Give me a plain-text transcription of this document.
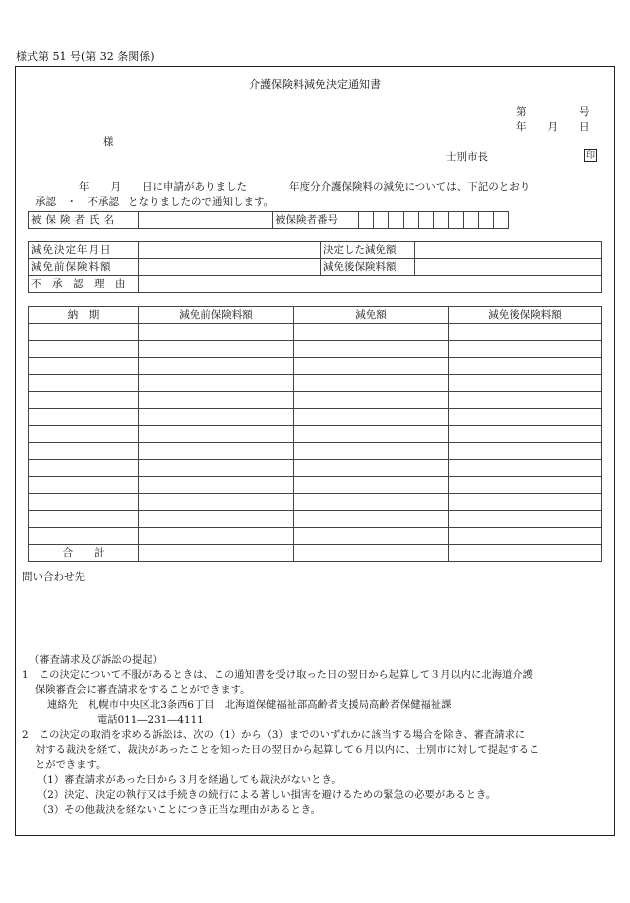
様式第 51 号(第 32 条関係)
介護保険料減免決定通知書
第　　　　　号
年　　月　　日
様
士別市長	印
年　　月　　日に申請がありました　　　　年度分介護保険料の減免については、下記のとおり
承認　・　不承認 となりましたので通知します。
被保険者氏名		被保険者番号										
減免決定年月日		決定した減免額	
減免前保険料額		減免後保険料額	
不　承　認　理　由			
納　期	減免前保険料額	減免額	減免後保険料額

合　　計			
問い合わせ先
（審査請求及び訴訟の提起）
1　この決定について不服があるときは、この通知書を受け取った日の翌日から起算して３月以内に北海道介護
保険審査会に審査請求をすることができます。
連絡先　札幌市中央区北3条西6丁目　北海道保健福祉部高齢者支援局高齢者保健福祉課
電話011―231―4111
2　この決定の取消を求める訴訟は、次の（1）から（3）までのいずれかに該当する場合を除き、審査請求に
対する裁決を経て、裁決があったことを知った日の翌日から起算して６月以内に、士別市に対して提起するこ
とができます。
（1）審査請求があった日から３月を経過しても裁決がないとき。
（2）決定、決定の執行又は手続きの続行による著しい損害を避けるための緊急の必要があるとき。
（3）その他裁決を経ないことにつき正当な理由があるとき。
